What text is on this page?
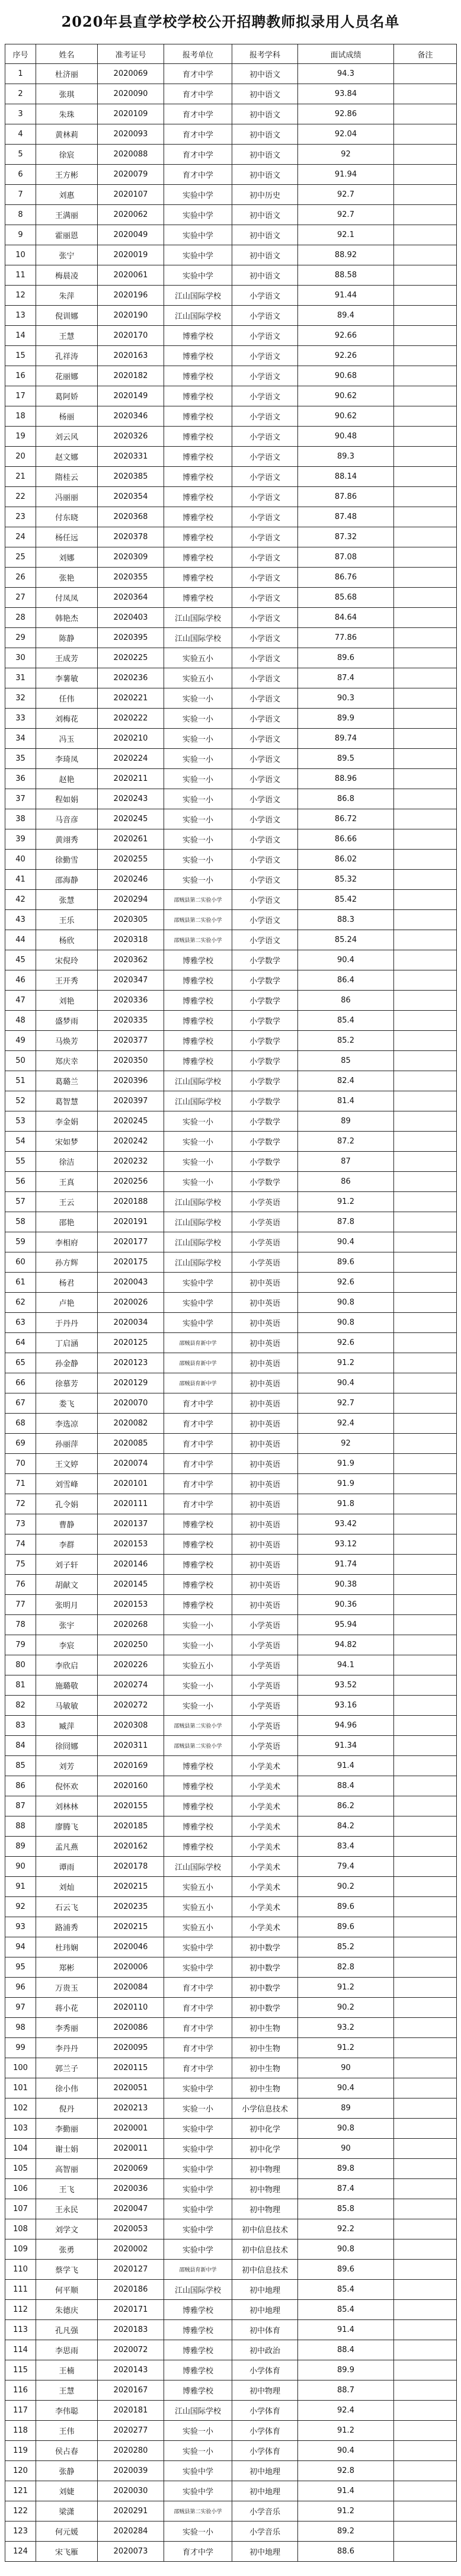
2020年县直学校学校公开招聘教师拟录用人员名单
序号	姓名	准考证号	报考单位	报考学科	面试成绩	备注
1	杜济丽	2020069	育才中学	初中语文	94.3	
2	张琪	2020090	育才中学	初中语文	93.84	
3	朱珠	2020109	育才中学	初中语文	92.86	
4	黄林莉	2020093	育才中学	初中语文	92.04	
5	徐宸	2020088	育才中学	初中语文	92	
6	王方彬	2020079	育才中学	初中语文	91.94	
7	刘惠	2020107	实验中学	初中历史	92.7	
8	王满丽	2020062	实验中学	初中语文	92.7	
9	霍丽恩	2020049	实验中学	初中语文	92.1	
10	张宁	2020019	实验中学	初中语文	88.92	
11	梅晨凌	2020061	实验中学	初中语文	88.58	
12	朱萍	2020196	江山国际学校	小学语文	91.44	
13	倪训娜	2020190	江山国际学校	小学语文	89.4	
14	王慧	2020170	博雅学校	小学语文	92.66	
15	孔祥涛	2020163	博雅学校	小学语文	92.26	
16	花丽娜	2020182	博雅学校	小学语文	90.68	
17	葛阿娇	2020149	博雅学校	小学语文	90.62	
18	杨丽	2020346	博雅学校	小学语文	90.62	
19	刘云风	2020326	博雅学校	小学语文	90.48	
20	赵文娜	2020331	博雅学校	小学语文	89.3	
21	隋桂云	2020385	博雅学校	小学语文	88.14	
22	冯丽丽	2020354	博雅学校	小学语文	87.86	
23	付东晓	2020368	博雅学校	小学语文	87.48	
24	杨任远	2020378	博雅学校	小学语文	87.32	
25	刘娜	2020309	博雅学校	小学语文	87.08	
26	张艳	2020355	博雅学校	小学语文	86.76	
27	付凤凤	2020364	博雅学校	小学语文	85.68	
28	韩艳杰	2020403	江山国际学校	小学语文	84.64	
29	陈静	2020395	江山国际学校	小学语文	77.86	
30	王成芳	2020225	实验五小	小学语文	89.6	
31	李薯敏	2020236	实验五小	小学语文	87.4	
32	任伟	2020221	实验一小	小学语文	90.3	
33	刘梅花	2020222	实验一小	小学语文	89.9	
34	冯玉	2020210	实验一小	小学语文	89.74	
35	李琦凤	2020224	实验一小	小学语文	89.5	
36	赵艳	2020211	实验一小	小学语文	88.96	
37	程如娟	2020243	实验一小	小学语文	86.8	
38	马音彦	2020245	实验一小	小学语文	86.72	
39	黄翊秀	2020261	实验一小	小学语文	86.66	
40	徐勤雪	2020255	实验一小	小学语文	86.02	
41	邵海静	2020246	实验一小	小学语文	85.32	
42	张慧	2020294	邵贼县第二实验小学	小学语文	85.42	
43	王乐	2020305	邵贼县第二实验小学	小学语文	88.3	
44	杨欣	2020318	邵贼县第二实验小学	小学语文	85.24	
45	宋倪玲	2020362	博雅学校	小学数学	90.4	
46	王开秀	2020347	博雅学校	小学数学	86.4	
47	刘艳	2020336	博雅学校	小学数学	86	
48	盛梦雨	2020335	博雅学校	小学数学	85.4	
49	马焕芳	2020377	博雅学校	小学数学	85.2	
50	郑庆幸	2020350	博雅学校	小学数学	85	
51	葛璐兰	2020396	江山国际学校	小学数学	82.4	
52	葛智慧	2020397	江山国际学校	小学数学	81.4	
53	李金娟	2020245	实验一小	小学数学	89	
54	宋如梦	2020242	实验一小	小学数学	87.2	
55	徐洁	2020232	实验一小	小学数学	87	
56	王真	2020256	实验一小	小学数学	86	
57	王云	2020188	江山国际学校	小学英语	91.2	
58	邵艳	2020191	江山国际学校	小学英语	87.8	
59	李相府	2020177	江山国际学校	小学英语	90.4	
60	孙方辉	2020175	江山国际学校	小学英语	89.6	
61	杨君	2020043	实验中学	初中英语	92.6	
62	卢艳	2020026	实验中学	初中英语	90.8	
63	于丹丹	2020034	实验中学	初中英语	90.8	
64	丁启涵	2020125	邵贼县育新中学	初中英语	92.6	
65	孙金静	2020123	邵贼县育新中学	初中英语	91.2	
66	徐慕芳	2020129	邵贼县育新中学	初中英语	90.4	
67	娄飞	2020070	育才中学	初中英语	92.7	
68	李选凉	2020082	育才中学	初中英语	92.4	
69	孙丽萍	2020085	育才中学	初中英语	92	
70	王文婷	2020074	育才中学	初中英语	91.9	
71	刘雪峰	2020101	育才中学	初中英语	91.9	
72	孔令娟	2020111	育才中学	初中英语	91.8	
73	曹静	2020137	博雅学校	初中英语	93.42	
74	李群	2020153	博雅学校	初中英语	93.12	
75	刘子轩	2020146	博雅学校	初中英语	91.74	
76	胡献文	2020145	博雅学校	初中英语	90.38	
77	张明月	2020153	博雅学校	初中英语	90.36	
78	张宇	2020268	实验一小	小学英语	95.94	
79	李宸	2020250	实验一小	小学英语	94.82	
80	李欣启	2020226	实验五小	小学英语	94.1	
81	施璐敬	2020274	实验一小	小学英语	93.52	
82	马敏敏	2020272	实验一小	小学英语	93.16	
83	臧萍	2020308	邵贼县第二实验小学	小学英语	94.96	
84	徐冏娜	2020311	邵贼县第二实验小学	小学英语	91.34	
85	刘芳	2020169	博雅学校	小学美术	91.4	
86	倪怀欢	2020160	博雅学校	小学美术	88.4	
87	刘林林	2020155	博雅学校	小学美术	86.2	
88	廖腾飞	2020185	博雅学校	小学美术	84.2	
89	孟凡燕	2020162	博雅学校	小学美术	83.4	
90	谭雨	2020178	江山国际学校	小学美术	79.4	
91	刘灿	2020215	实验五小	小学美术	90.2	
92	石云飞	2020235	实验五小	小学美术	89.6	
93	路浦秀	2020215	实验五小	小学美术	89.6	
94	杜玮娴	2020046	实验中学	初中数学	85.2	
95	郑彬	2020006	实验中学	初中数学	82.8	
96	万贵玉	2020084	育才中学	初中数学	91.2	
97	蒋小花	2020110	育才中学	初中数学	90.2	
98	李秀丽	2020086	育才中学	初中生物	93.2	
99	李丹丹	2020095	育才中学	初中生物	91.2	
100	郭兰子	2020115	育才中学	初中生物	90	
101	徐小伟	2020051	实验中学	初中生物	90.4	
102	倪丹	2020213	实验一小	小学信息技术	89	
103	李勤丽	2020001	实验中学	初中化学	90.8	
104	谢士娟	2020011	实验中学	初中化学	90	
105	高智丽	2020069	实验中学	初中物理	89.8	
106	王飞	2020036	实验中学	初中物理	87.4	
107	王永民	2020047	实验中学	初中物理	85.8	
108	刘学文	2020053	实验中学	初中信息技术	92.2	
109	张勇	2020002	实验中学	初中信息技术	90.8	
110	蔡学飞	2020127	邵贼县育新中学	初中信息技术	89.6	
111	何平顺	2020186	江山国际学校	初中地理	85.4	
112	朱德庆	2020171	博雅学校	初中地理	85.4	
113	孔凡强	2020183	博雅学校	初中体育	91.4	
114	李思雨	2020072	博雅学校	初中政治	88.4	
115	王楠	2020143	博雅学校	小学体育	89.9	
116	王慧	2020167	博雅学校	初中物理	88.7	
117	李伟聪	2020181	江山国际学校	小学体育	92.4	
118	王伟	2020277	实验一小	小学体育	91.2	
119	侯占春	2020280	实验一小	小学体育	90.4	
120	张静	2020039	实验中学	初中地理	92.8	
121	刘婕	2020030	实验中学	初中地理	91.4	
122	梁潇	2020291	邵贼县第二实验小学	小学音乐	91.2	
123	何元媛	2020284	实验一小	小学音乐	89.2	
124	宋飞雁	2020073	育才中学	初中地理	88.6	
